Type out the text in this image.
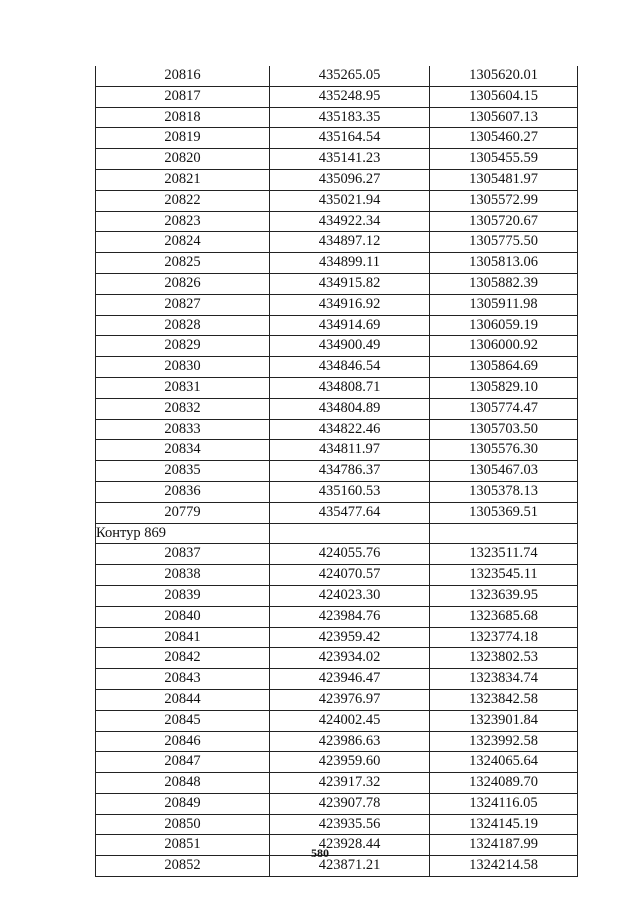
20816	435265.05	1305620.01
20817	435248.95	1305604.15
20818	435183.35	1305607.13
20819	435164.54	1305460.27
20820	435141.23	1305455.59
20821	435096.27	1305481.97
20822	435021.94	1305572.99
20823	434922.34	1305720.67
20824	434897.12	1305775.50
20825	434899.11	1305813.06
20826	434915.82	1305882.39
20827	434916.92	1305911.98
20828	434914.69	1306059.19
20829	434900.49	1306000.92
20830	434846.54	1305864.69
20831	434808.71	1305829.10
20832	434804.89	1305774.47
20833	434822.46	1305703.50
20834	434811.97	1305576.30
20835	434786.37	1305467.03
20836	435160.53	1305378.13
20779	435477.64	1305369.51
Контур 869		
20837	424055.76	1323511.74
20838	424070.57	1323545.11
20839	424023.30	1323639.95
20840	423984.76	1323685.68
20841	423959.42	1323774.18
20842	423934.02	1323802.53
20843	423946.47	1323834.74
20844	423976.97	1323842.58
20845	424002.45	1323901.84
20846	423986.63	1323992.58
20847	423959.60	1324065.64
20848	423917.32	1324089.70
20849	423907.78	1324116.05
20850	423935.56	1324145.19
20851	423928.44	1324187.99
20852	423871.21	1324214.58
580
